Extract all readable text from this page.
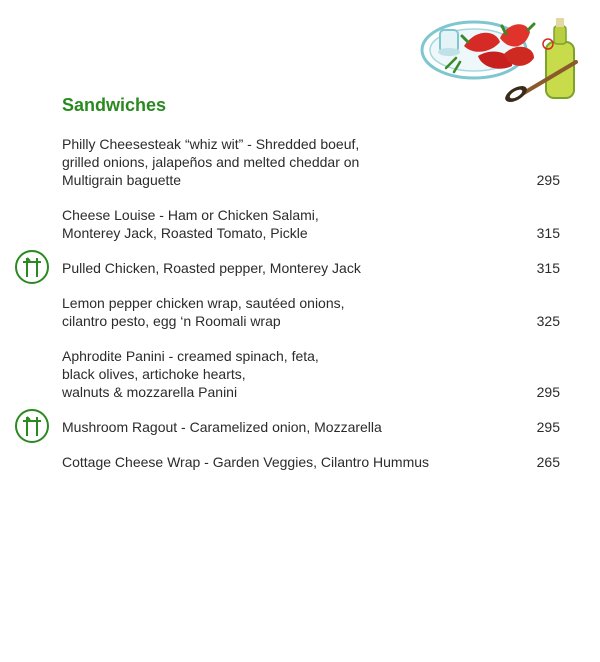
Sandwiches
Philly Cheesesteak “whiz wit” - Shredded boeuf,
grilled onions, jalapeños and melted cheddar on
Multigrain baguette	295
Cheese Louise - Ham or Chicken Salami,
Monterey Jack, Roasted Tomato, Pickle	315
Pulled Chicken, Roasted pepper, Monterey Jack	315
Lemon pepper chicken wrap, sautéed onions,
cilantro pesto, egg ‘n Roomali wrap	325
Aphrodite Panini - creamed spinach, feta,
black olives, artichoke hearts,
walnuts & mozzarella Panini	295
Mushroom Ragout - Caramelized onion, Mozzarella	295
Cottage Cheese Wrap - Garden Veggies, Cilantro Hummus	265
